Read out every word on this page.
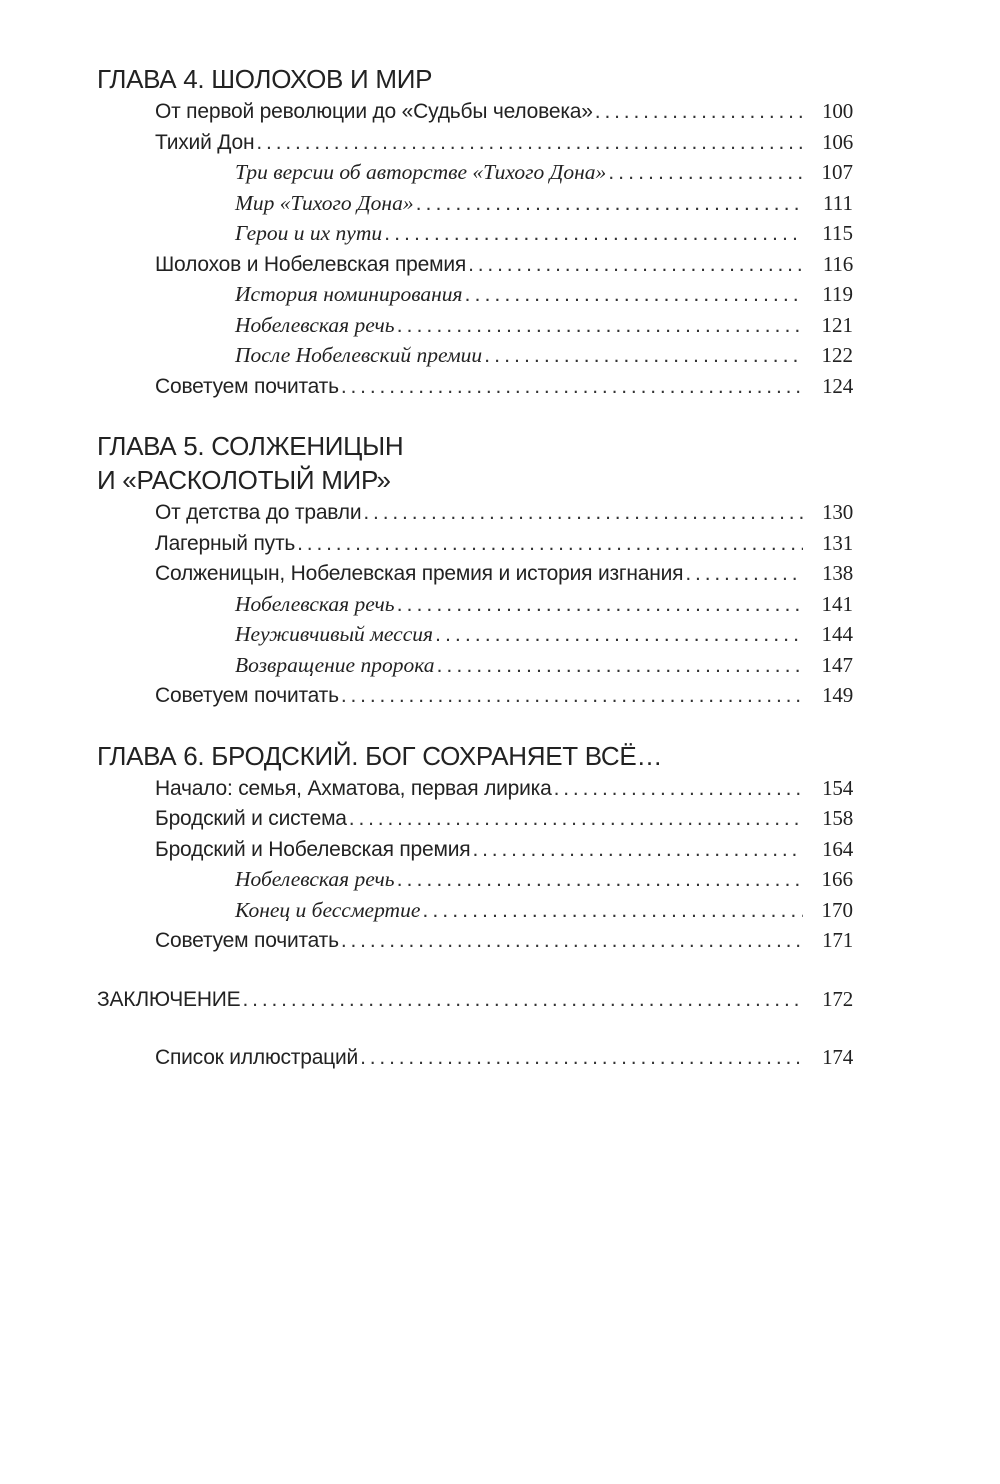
ГЛАВА 4. ШОЛОХОВ И МИР
От первой революции до «Судьбы человека» . . .	100
Тихий Дон . . .	106
Три версии об авторстве «Тихого Дона» . . .	107
Мир «Тихого Дона» . . .	111
Герои и их пути . . .	115
Шолохов и Нобелевская премия . . .	116
История номинирования . . .	119
Нобелевская речь . . .	121
После Нобелевский премии . . .	122
Советуем почитать . . .	124
ГЛАВА 5. СОЛЖЕНИЦЫН
И «РАСКОЛОТЫЙ МИР»
От детства до травли . . .	130
Лагерный путь . . .	131
Солженицын, Нобелевская премия и история изгнания . . .	138
Нобелевская речь . . .	141
Неуживчивый мессия . . .	144
Возвращение пророка . . .	147
Советуем почитать . . .	149
ГЛАВА 6. БРОДСКИЙ. БОГ СОХРАНЯЕТ ВСЁ…
Начало: семья, Ахматова, первая лирика . . .	154
Бродский и система . . .	158
Бродский и Нобелевская премия . . .	164
Нобелевская речь . . .	166
Конец и бессмертие . . .	170
Советуем почитать . . .	171
ЗАКЛЮЧЕНИЕ . . .	172
Список иллюстраций . . .	174
